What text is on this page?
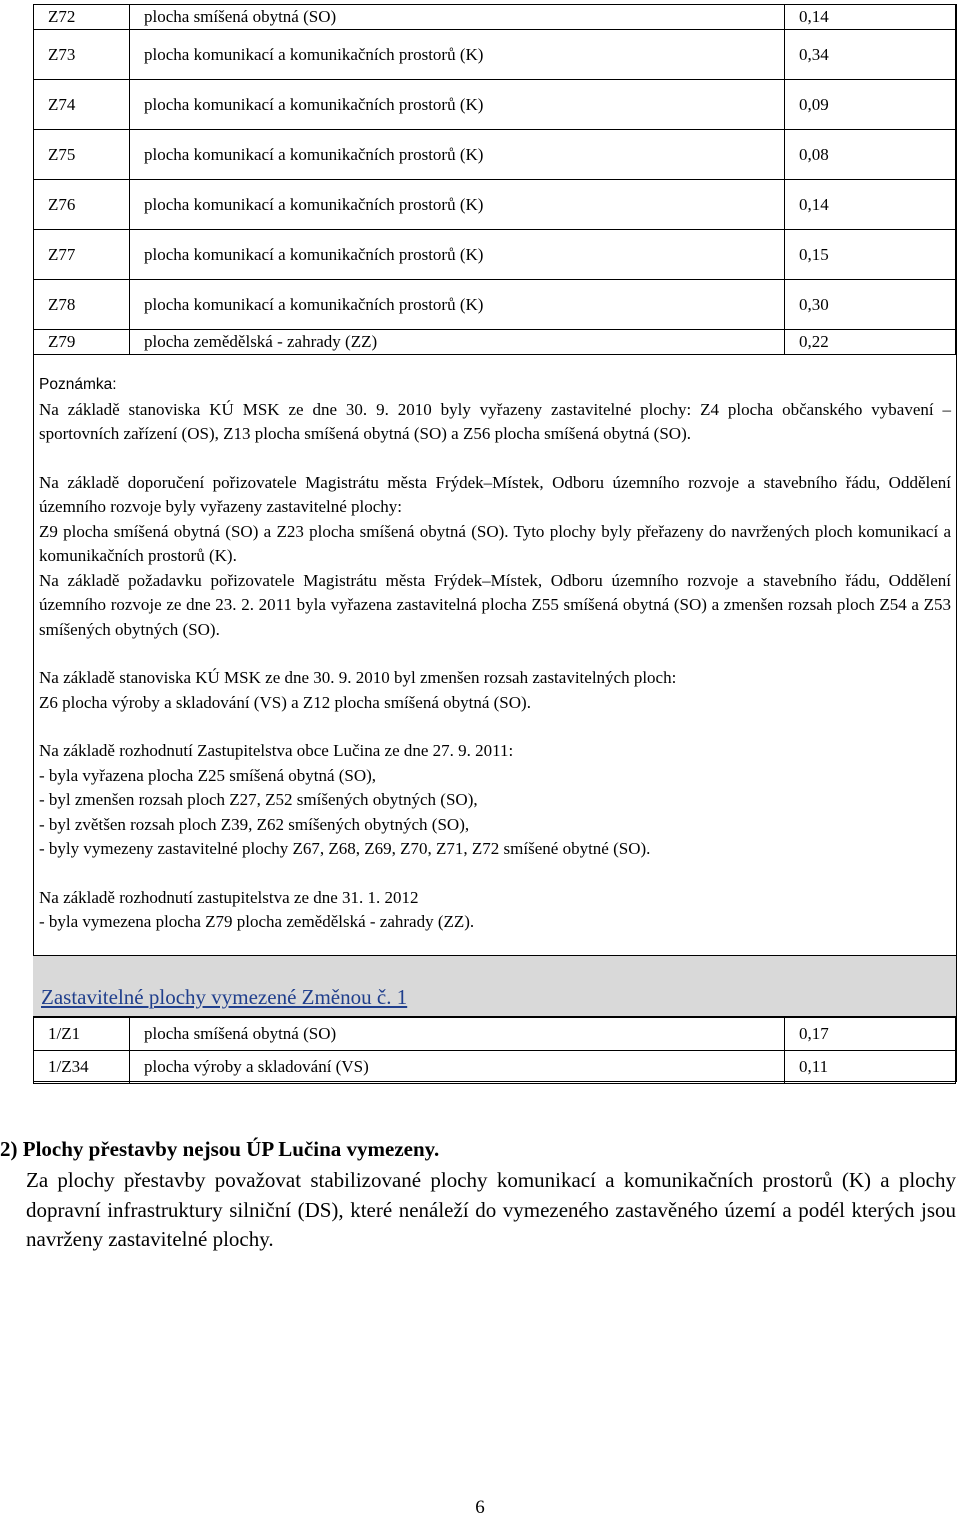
Z72	plocha smíšená obytná (SO)	0,14
Z73	plocha komunikací a komunikačních prostorů (K)	0,34
Z74	plocha komunikací a komunikačních prostorů (K)	0,09
Z75	plocha komunikací a komunikačních prostorů (K)	0,08
Z76	plocha komunikací a komunikačních prostorů (K)	0,14
Z77	plocha komunikací a komunikačních prostorů (K)	0,15
Z78	plocha komunikací a komunikačních prostorů (K)	0,30
Z79	plocha zemědělská - zahrady (ZZ)	0,22

Poznámka:

Na základě stanoviska KÚ MSK ze dne 30. 9. 2010 byly vyřazeny zastavitelné plochy: Z4 plocha občanského vybavení – sportovních zařízení (OS), Z13 plocha smíšená obytná (SO) a Z56 plocha smíšená obytná (SO).

Na základě doporučení pořizovatele Magistrátu města Frýdek–Místek, Odboru územního rozvoje a stavebního řádu, Oddělení územního rozvoje byly vyřazeny zastavitelné plochy:

Z9 plocha smíšená obytná (SO) a Z23 plocha smíšená obytná (SO). Tyto plochy byly přeřazeny do navržených ploch komunikací a komunikačních prostorů (K).

Na základě požadavku pořizovatele Magistrátu města Frýdek–Místek, Odboru územního rozvoje a stavebního řádu, Oddělení územního rozvoje ze dne 23. 2. 2011 byla vyřazena zastavitelná plocha Z55 smíšená obytná (SO) a zmenšen rozsah ploch Z54 a Z53 smíšených obytných (SO).

Na základě stanoviska KÚ MSK ze dne 30. 9. 2010 byl zmenšen rozsah zastavitelných ploch:

Z6 plocha výroby a skladování (VS) a Z12 plocha smíšená obytná (SO).

Na základě rozhodnutí Zastupitelstva obce Lučina ze dne 27. 9. 2011:

- byla vyřazena plocha Z25 smíšená obytná (SO),

- byl zmenšen rozsah ploch Z27, Z52 smíšených obytných (SO),

- byl zvětšen rozsah ploch Z39, Z62 smíšených obytných (SO),

- byly vymezeny zastavitelné plochy Z67, Z68, Z69, Z70, Z71, Z72 smíšené obytné (SO).

Na základě rozhodnutí zastupitelstva ze dne 31. 1. 2012

- byla vymezena plocha Z79 plocha zemědělská - zahrady (ZZ).

Zastavitelné plochy vymezené Změnou č. 1
1/Z1	plocha smíšená obytná (SO)	0,17
1/Z34	plocha výroby a skladování (VS)	0,11
2) Plochy přestavby nejsou ÚP Lučina vymezeny.
Za plochy přestavby považovat stabilizované plochy komunikací a komunikačních prostorů (K) a plochy dopravní infrastruktury silniční (DS), které nenáleží do vymezeného zastavěného území a podél kterých jsou navrženy zastavitelné plochy.
6
